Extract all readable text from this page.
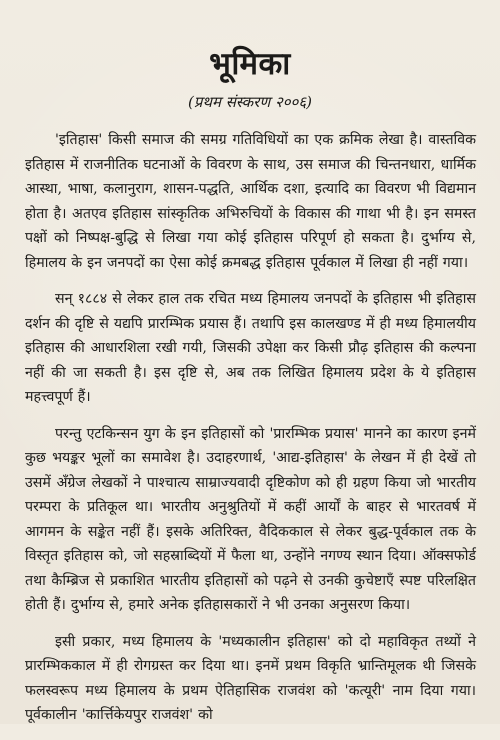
भूमिका
(प्रथम संस्करण २००६)

'इतिहास' किसी समाज की समग्र गतिविधियों का एक क्रमिक लेखा है। वास्तविक इतिहास में राजनीतिक घटनाओं के विवरण के साथ, उस समाज की चिन्तनधारा, धार्मिक आस्था, भाषा, कलानुराग, शासन-पद्धति, आर्थिक दशा, इत्यादि का विवरण भी विद्यमान होता है। अतएव इतिहास सांस्कृतिक अभिरुचियों के विकास की गाथा भी है। इन समस्त पक्षों को निष्पक्ष-बुद्धि से लिखा गया कोई इतिहास परिपूर्ण हो सकता है। दुर्भाग्य से, हिमालय के इन जनपदों का ऐसा कोई क्रमबद्ध इतिहास पूर्वकाल में लिखा ही नहीं गया।

सन् १८८४ से लेकर हाल तक रचित मध्य हिमालय जनपदों के इतिहास भी इतिहास दर्शन की दृष्टि से यद्यपि प्रारम्भिक प्रयास हैं। तथापि इस कालखण्ड में ही मध्य हिमालयीय इतिहास की आधारशिला रखी गयी, जिसकी उपेक्षा कर किसी प्रौढ़ इतिहास की कल्पना नहीं की जा सकती है। इस दृष्टि से, अब तक लिखित हिमालय प्रदेश के ये इतिहास महत्त्वपूर्ण हैं।

परन्तु एटकिन्सन युग के इन इतिहासों को 'प्रारम्भिक प्रयास' मानने का कारण इनमें कुछ भयङ्कर भूलों का समावेश है। उदाहरणार्थ, 'आद्य-इतिहास' के लेखन में ही देखें तो उसमें अँग्रेज लेखकों ने पाश्चात्य साम्राज्यवादी दृष्टिकोण को ही ग्रहण किया जो भारतीय परम्परा के प्रतिकूल था। भारतीय अनुश्रुतियों में कहीं आर्यों के बाहर से भारतवर्ष में आगमन के सङ्केत नहीं हैं। इसके अतिरिक्त, वैदिककाल से लेकर बुद्ध-पूर्वकाल तक के विस्तृत इतिहास को, जो सहस्राब्दियों में फैला था, उन्होंने नगण्य स्थान दिया। ऑक्सफोर्ड तथा कैम्ब्रिज से प्रकाशित भारतीय इतिहासों को पढ़ने से उनकी कुचेष्टाएँ स्पष्ट परिलक्षित होती हैं। दुर्भाग्य से, हमारे अनेक इतिहासकारों ने भी उनका अनुसरण किया।

इसी प्रकार, मध्य हिमालय के 'मध्यकालीन इतिहास' को दो महाविकृत तथ्यों ने प्रारम्भिककाल में ही रोगग्रस्त कर दिया था। इनमें प्रथम विकृति भ्रान्तिमूलक थी जिसके फलस्वरूप मध्य हिमालय के प्रथम ऐतिहासिक राजवंश को 'कत्यूरी' नाम दिया गया। पूर्वकालीन 'कार्त्तिकेयपुर राजवंश' को
